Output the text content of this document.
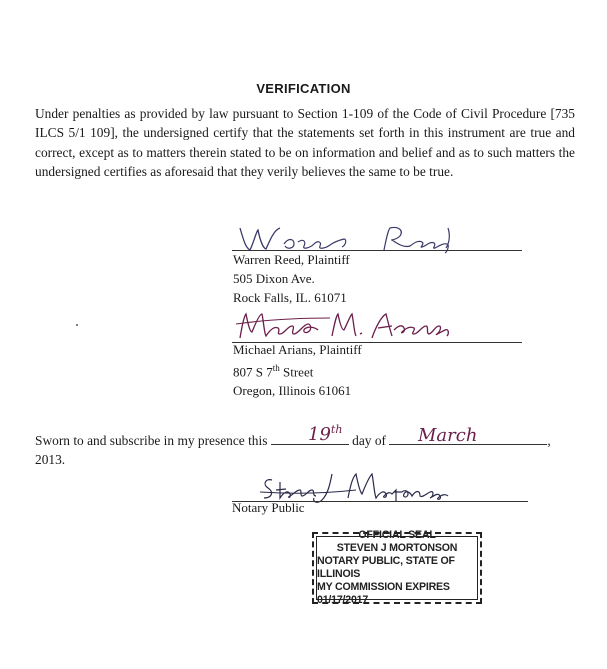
VERIFICATION
Under penalties as provided by law pursuant to Section 1-109 of the Code of Civil Procedure [735 ILCS 5/1 109], the undersigned certify that the statements set forth in this instrument are true and correct, except as to matters therein stated to be on information and belief and as to such matters the undersigned certifies as aforesaid that they verily believes the same to be true.
Warren Reed, Plaintiff
505 Dixon Ave.
Rock Falls, IL. 61071
Michael Arians, Plaintiff
807 S 7th Street
Oregon, Illinois 61061
Sworn to and subscribe in my presence this	day of	,
2013.
19th	March
Notary Public
OFFICIAL SEAL
STEVEN J MORTONSON
NOTARY PUBLIC, STATE OF ILLINOIS
MY COMMISSION EXPIRES 01/17/2017
